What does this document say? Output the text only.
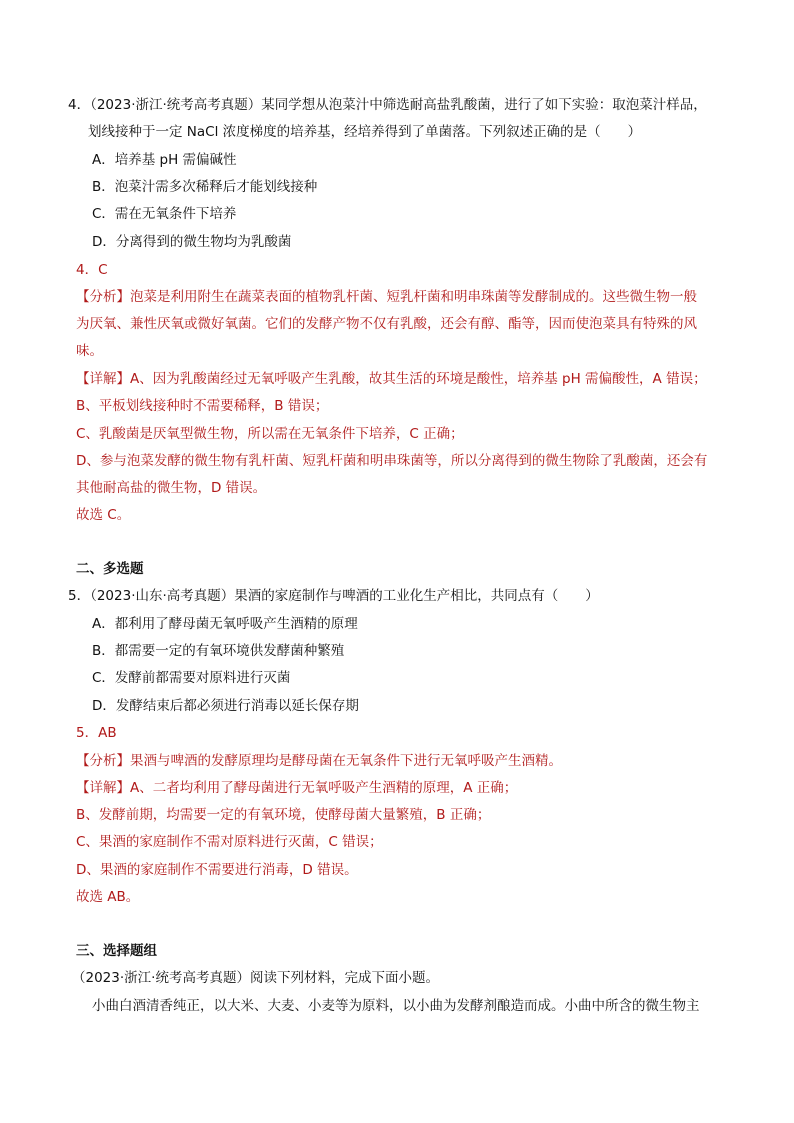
4．（2023·浙江·统考高考真题）某同学想从泡菜汁中筛选耐高盐乳酸菌，进行了如下实验：取泡菜汁样品，
划线接种于一定 NaCl 浓度梯度的培养基，经培养得到了单菌落。下列叙述正确的是（　　）
A．培养基 pH 需偏碱性
B．泡菜汁需多次稀释后才能划线接种
C．需在无氧条件下培养
D．分离得到的微生物均为乳酸菌
4．C
【分析】泡菜是利用附生在蔬菜表面的植物乳杆菌、短乳杆菌和明串珠菌等发酵制成的。这些微生物一般
为厌氧、兼性厌氧或微好氧菌。它们的发酵产物不仅有乳酸，还会有醇、酯等，因而使泡菜具有特殊的风
味。
【详解】A、因为乳酸菌经过无氧呼吸产生乳酸，故其生活的环境是酸性，培养基 pH 需偏酸性，A 错误；
B、平板划线接种时不需要稀释，B 错误；
C、乳酸菌是厌氧型微生物，所以需在无氧条件下培养，C 正确；
D、参与泡菜发酵的微生物有乳杆菌、短乳杆菌和明串珠菌等，所以分离得到的微生物除了乳酸菌，还会有
其他耐高盐的微生物，D 错误。
故选 C。
二、多选题
5．（2023·山东·高考真题）果酒的家庭制作与啤酒的工业化生产相比，共同点有（　　）
A．都利用了酵母菌无氧呼吸产生酒精的原理
B．都需要一定的有氧环境供发酵菌种繁殖
C．发酵前都需要对原料进行灭菌
D．发酵结束后都必须进行消毒以延长保存期
5．AB
【分析】果酒与啤酒的发酵原理均是酵母菌在无氧条件下进行无氧呼吸产生酒精。
【详解】A、二者均利用了酵母菌进行无氧呼吸产生酒精的原理，A 正确；
B、发酵前期，均需要一定的有氧环境，使酵母菌大量繁殖，B 正确；
C、果酒的家庭制作不需对原料进行灭菌，C 错误；
D、果酒的家庭制作不需要进行消毒，D 错误。
故选 AB。
三、选择题组
（2023·浙江·统考高考真题）阅读下列材料，完成下面小题。
小曲白酒清香纯正，以大米、大麦、小麦等为原料，以小曲为发酵剂酿造而成。小曲中所含的微生物主
